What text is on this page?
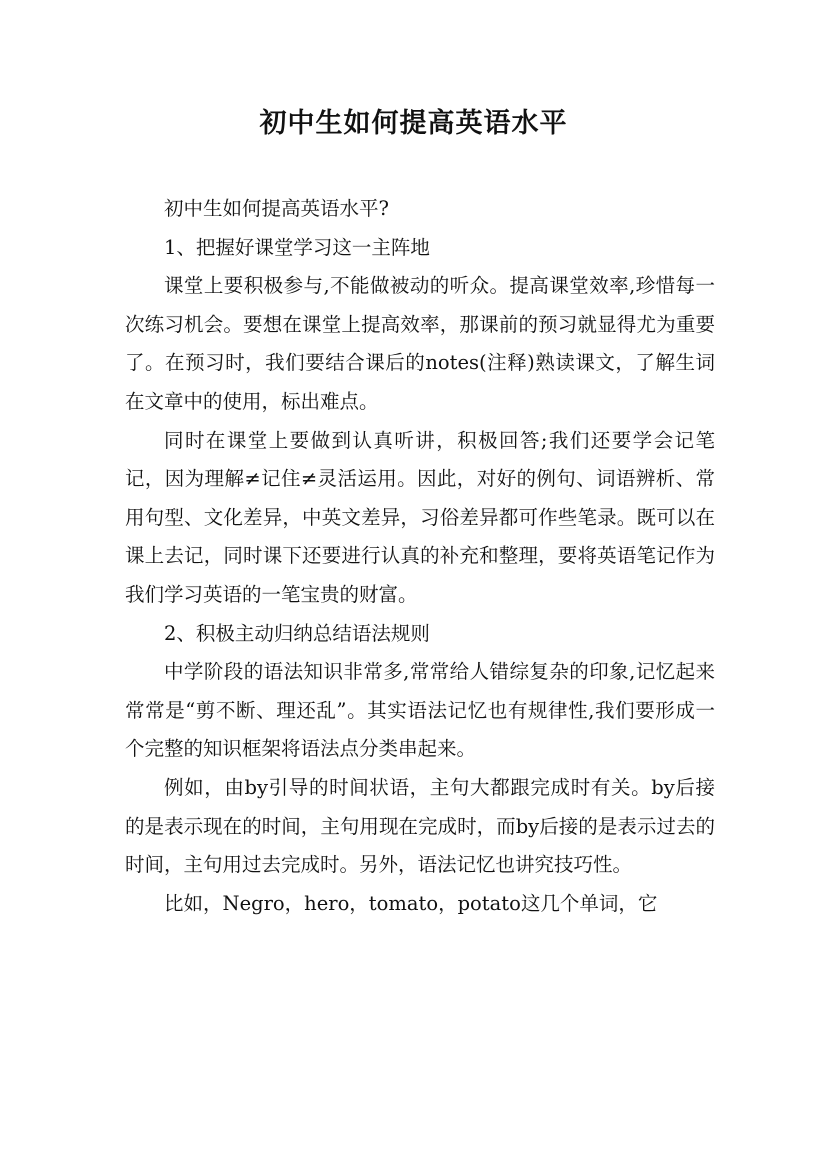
初中生如何提高英语水平

初中生如何提高英语水平?

1、把握好课堂学习这一主阵地

课堂上要积极参与,不能做被动的听众。提高课堂效率,珍惜每一次练习机会。要想在课堂上提高效率，那课前的预习就显得尤为重要了。在预习时，我们要结合课后的notes(注释)熟读课文，了解生词在文章中的使用，标出难点。

同时在课堂上要做到认真听讲，积极回答;我们还要学会记笔记，因为理解≠记住≠灵活运用。因此，对好的例句、词语辨析、常用句型、文化差异，中英文差异，习俗差异都可作些笔录。既可以在课上去记，同时课下还要进行认真的补充和整理，要将英语笔记作为我们学习英语的一笔宝贵的财富。

2、积极主动归纳总结语法规则

中学阶段的语法知识非常多,常常给人错综复杂的印象,记忆起来常常是“剪不断、理还乱”。其实语法记忆也有规律性,我们要形成一个完整的知识框架将语法点分类串起来。

例如，由by引导的时间状语，主句大都跟完成时有关。by后接的是表示现在的时间，主句用现在完成时，而by后接的是表示过去的时间，主句用过去完成时。另外，语法记忆也讲究技巧性。

比如，Negro，hero，tomato，potato这几个单词，它
